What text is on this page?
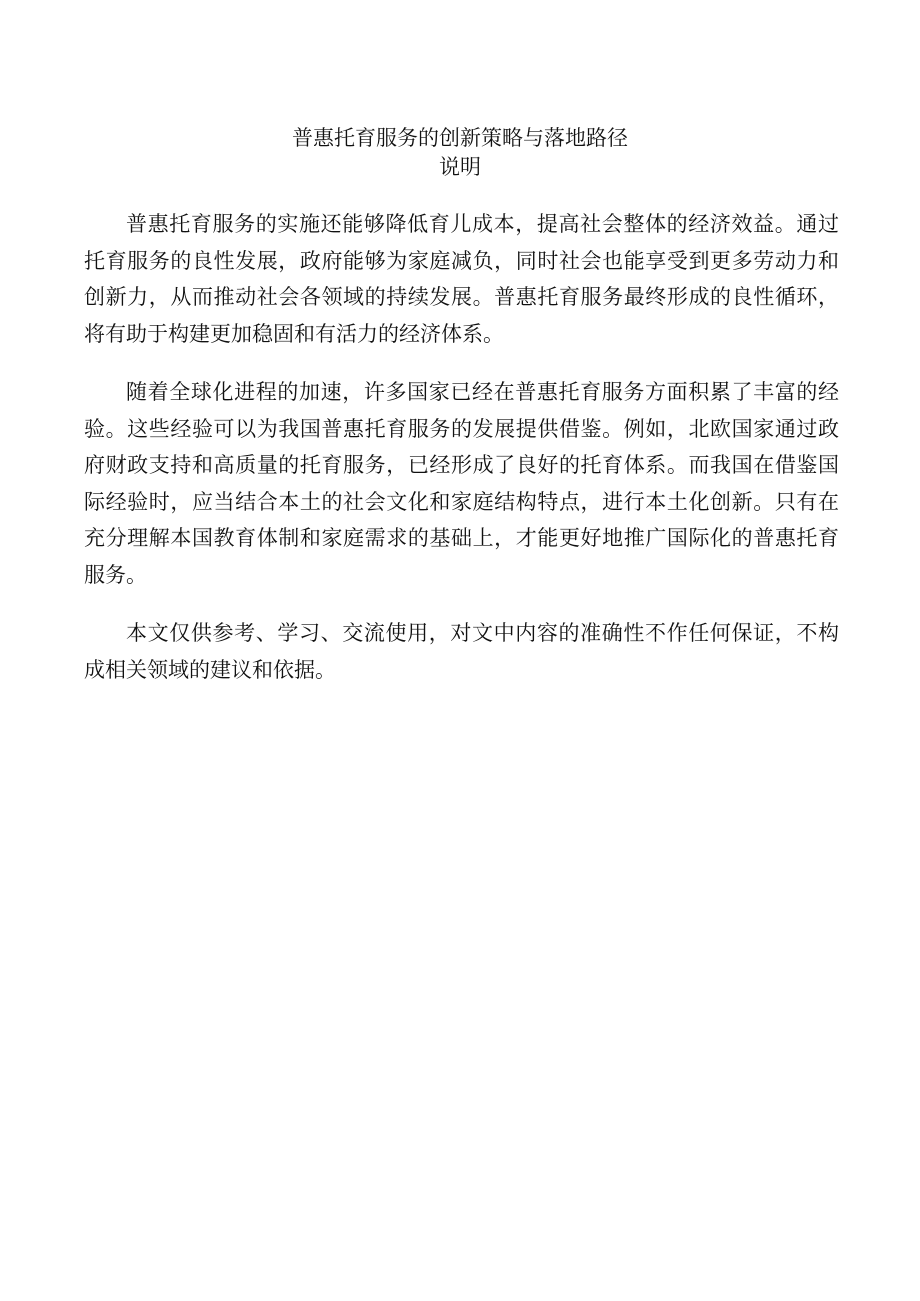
普惠托育服务的创新策略与落地路径
说明

普惠托育服务的实施还能够降低育儿成本，提高社会整体的经济效益。通过托育服务的良性发展，政府能够为家庭减负，同时社会也能享受到更多劳动力和创新力，从而推动社会各领域的持续发展。普惠托育服务最终形成的良性循环，将有助于构建更加稳固和有活力的经济体系。

随着全球化进程的加速，许多国家已经在普惠托育服务方面积累了丰富的经验。这些经验可以为我国普惠托育服务的发展提供借鉴。例如，北欧国家通过政府财政支持和高质量的托育服务，已经形成了良好的托育体系。而我国在借鉴国际经验时，应当结合本土的社会文化和家庭结构特点，进行本土化创新。只有在充分理解本国教育体制和家庭需求的基础上，才能更好地推广国际化的普惠托育服务。

本文仅供参考、学习、交流使用，对文中内容的准确性不作任何保证，不构成相关领域的建议和依据。
